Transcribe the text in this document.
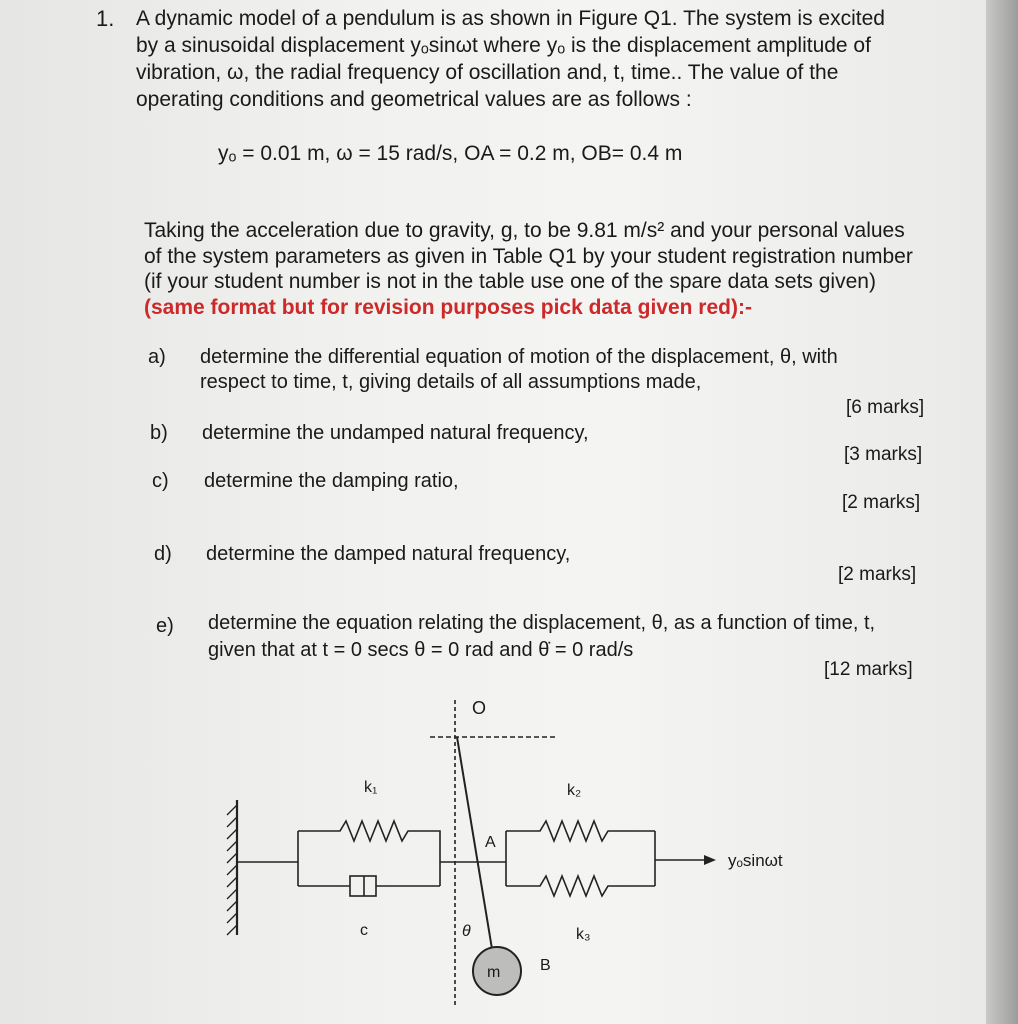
1. A dynamic model of a pendulum is as shown in Figure Q1. The system is excited
by a sinusoidal displacement yₒsinωt where yₒ is the displacement amplitude of
vibration, ω, the radial frequency of oscillation and, t, time.. The value of the
operating conditions and geometrical values are as follows :
yₒ = 0.01 m, ω = 15 rad/s, OA = 0.2 m, OB= 0.4 m
Taking the acceleration due to gravity, g, to be 9.81 m/s² and your personal values
of the system parameters as given in Table Q1 by your student registration number
(if your student number is not in the table use one of the spare data sets given)
(same format but for revision purposes pick data given red):-
a) determine the differential equation of motion of the displacement, θ, with
respect to time, t, giving details of all assumptions made,
[6 marks]
b) determine the undamped natural frequency,
[3 marks]
c) determine the damping ratio,
[2 marks]
d) determine the damped natural frequency,
[2 marks]
e) determine the equation relating the displacement, θ, as a function of time, t,
given that at t = 0 secs θ = 0 rad and θ̇ = 0 rad/s
[12 marks]
O
k₁	k₂
k₃
c
A
B
θ
m
yₒsinωt
